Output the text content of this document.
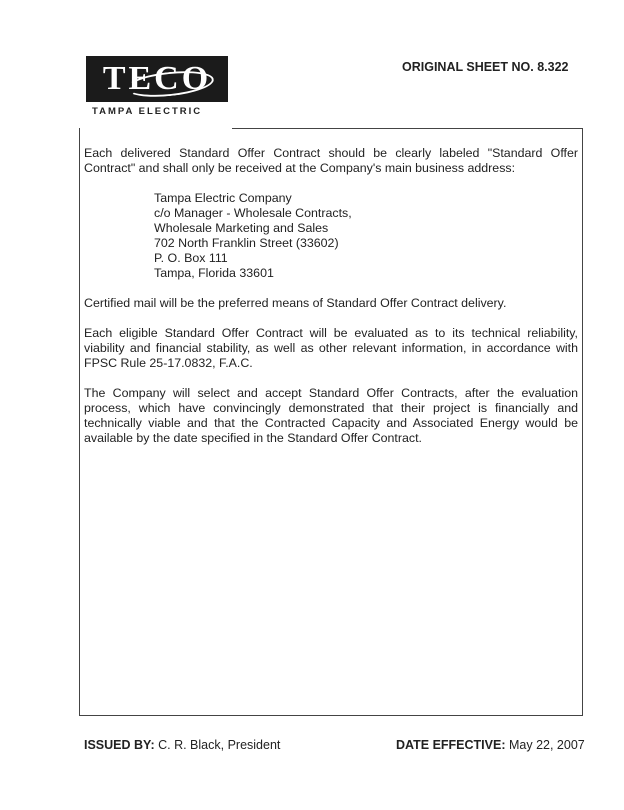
TECO
TAMPA ELECTRIC
ORIGINAL SHEET NO. 8.322

Each delivered Standard Offer Contract should be clearly labeled "Standard Offer Contract" and shall only be received at the Company's main business address:

Tampa Electric Company
c/o Manager - Wholesale Contracts,
Wholesale Marketing and Sales
702 North Franklin Street (33602)
P. O. Box 111
Tampa, Florida 33601

Certified mail will be the preferred means of Standard Offer Contract delivery.

Each eligible Standard Offer Contract will be evaluated as to its technical reliability, viability and financial stability, as well as other relevant information, in accordance with FPSC Rule 25-17.0832, F.A.C.

The Company will select and accept Standard Offer Contracts, after the evaluation process, which have convincingly demonstrated that their project is financially and technically viable and that the Contracted Capacity and Associated Energy would be available by the date specified in the Standard Offer Contract.

ISSUED BY: C. R. Black, President	DATE EFFECTIVE: May 22, 2007
